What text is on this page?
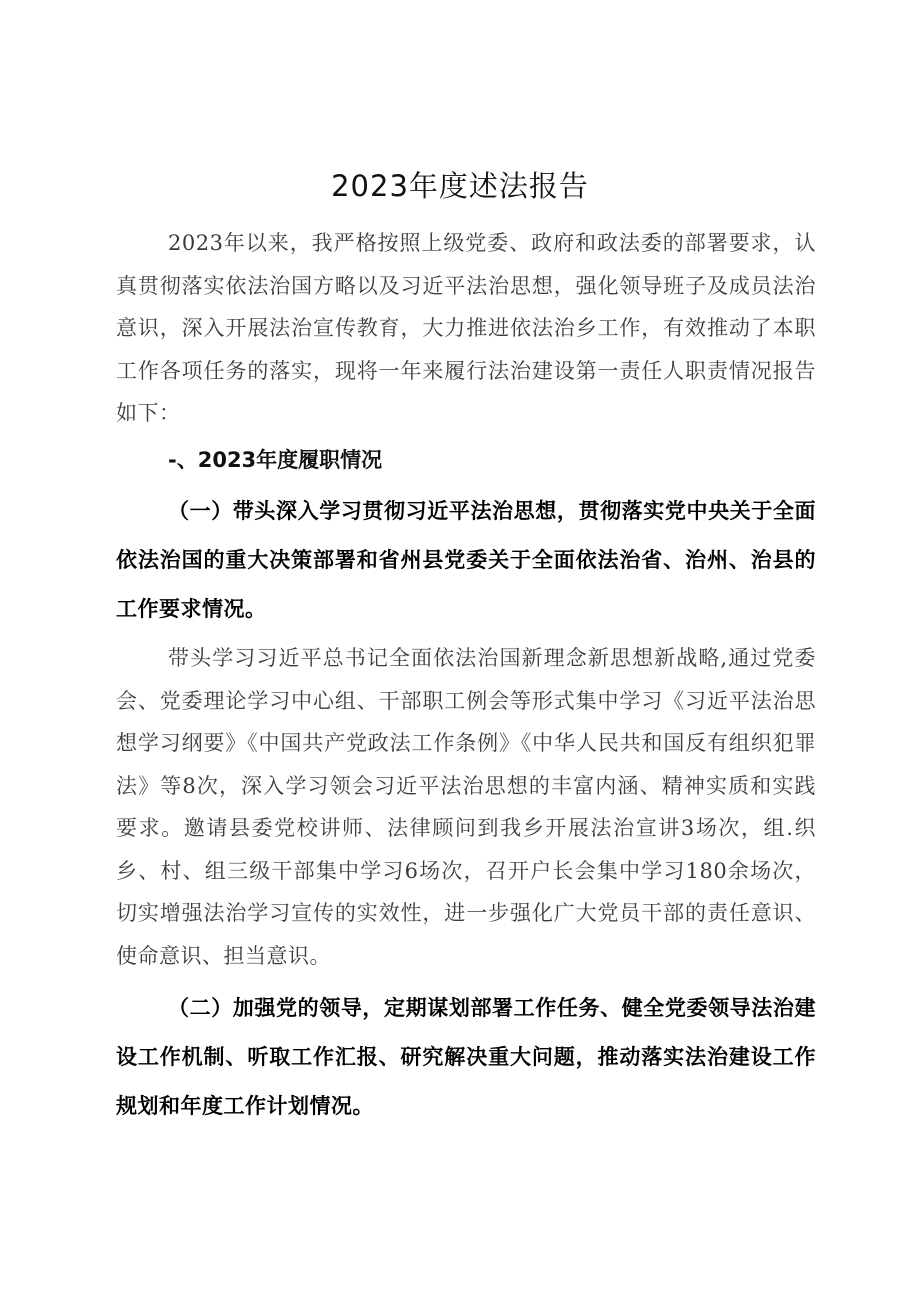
2023年度述法报告
2023年以来，我严格按照上级党委、政府和政法委的部署要求，认真贯彻落实依法治国方略以及习近平法治思想，强化领导班子及成员法治意识，深入开展法治宣传教育，大力推进依法治乡工作，有效推动了本职工作各项任务的落实，现将一年来履行法治建设第一责任人职责情况报告如下：
-、2023年度履职情况
（一）带头深入学习贯彻习近平法治思想，贯彻落实党中央关于全面依法治国的重大决策部署和省州县党委关于全面依法治省、治州、治县的工作要求情况。
带头学习习近平总书记全面依法治国新理念新思想新战略,通过党委会、党委理论学习中心组、干部职工例会等形式集中学习《习近平法治思想学习纲要》《中国共产党政法工作条例》《中华人民共和国反有组织犯罪法》等8次，深入学习领会习近平法治思想的丰富内涵、精神实质和实践要求。邀请县委党校讲师、法律顾问到我乡开展法治宣讲3场次，组.织乡、村、组三级干部集中学习6场次，召开户长会集中学习180余场次，切实增强法治学习宣传的实效性，进一步强化广大党员干部的责任意识、使命意识、担当意识。
（二）加强党的领导，定期谋划部署工作任务、健全党委领导法治建设工作机制、听取工作汇报、研究解决重大问题，推动落实法治建设工作规划和年度工作计划情况。
